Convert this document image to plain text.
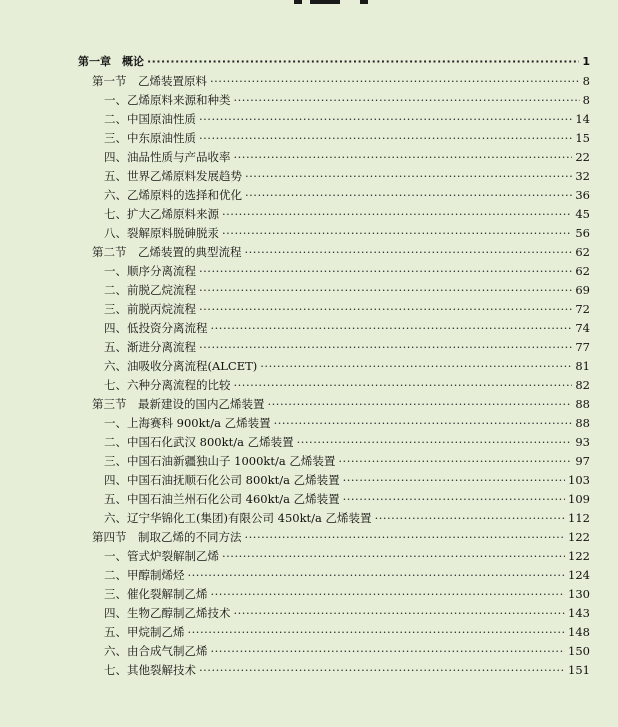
第一章　概论 ·····	1
第一节　乙烯装置原料 ·····	8
一、乙烯原料来源和种类 ·····	8
二、中国原油性质 ·····	14
三、中东原油性质 ·····	15
四、油品性质与产品收率 ·····	22
五、世界乙烯原料发展趋势 ·····	32
六、乙烯原料的选择和优化 ·····	36
七、扩大乙烯原料来源 ·····	45
八、裂解原料脱砷脱汞 ·····	56
第二节　乙烯装置的典型流程 ·····	62
一、顺序分离流程 ·····	62
二、前脱乙烷流程 ·····	69
三、前脱丙烷流程 ·····	72
四、低投资分离流程 ·····	74
五、渐进分离流程 ·····	77
六、油吸收分离流程(ALCET) ·····	81
七、六种分离流程的比较 ·····	82
第三节　最新建设的国内乙烯装置 ·····	88
一、上海赛科 900kt/a 乙烯装置 ·····	88
二、中国石化武汉 800kt/a 乙烯装置 ·····	93
三、中国石油新疆独山子 1000kt/a 乙烯装置 ·····	97
四、中国石油抚顺石化公司 800kt/a 乙烯装置 ·····	103
五、中国石油兰州石化公司 460kt/a 乙烯装置 ·····	109
六、辽宁华锦化工(集团)有限公司 450kt/a 乙烯装置 ·····	112
第四节　制取乙烯的不同方法 ·····	122
一、管式炉裂解制乙烯 ·····	122
二、甲醇制烯烃 ·····	124
三、催化裂解制乙烯 ·····	130
四、生物乙醇制乙烯技术 ·····	143
五、甲烷制乙烯 ·····	148
六、由合成气制乙烯 ·····	150
七、其他裂解技术 ·····	151
